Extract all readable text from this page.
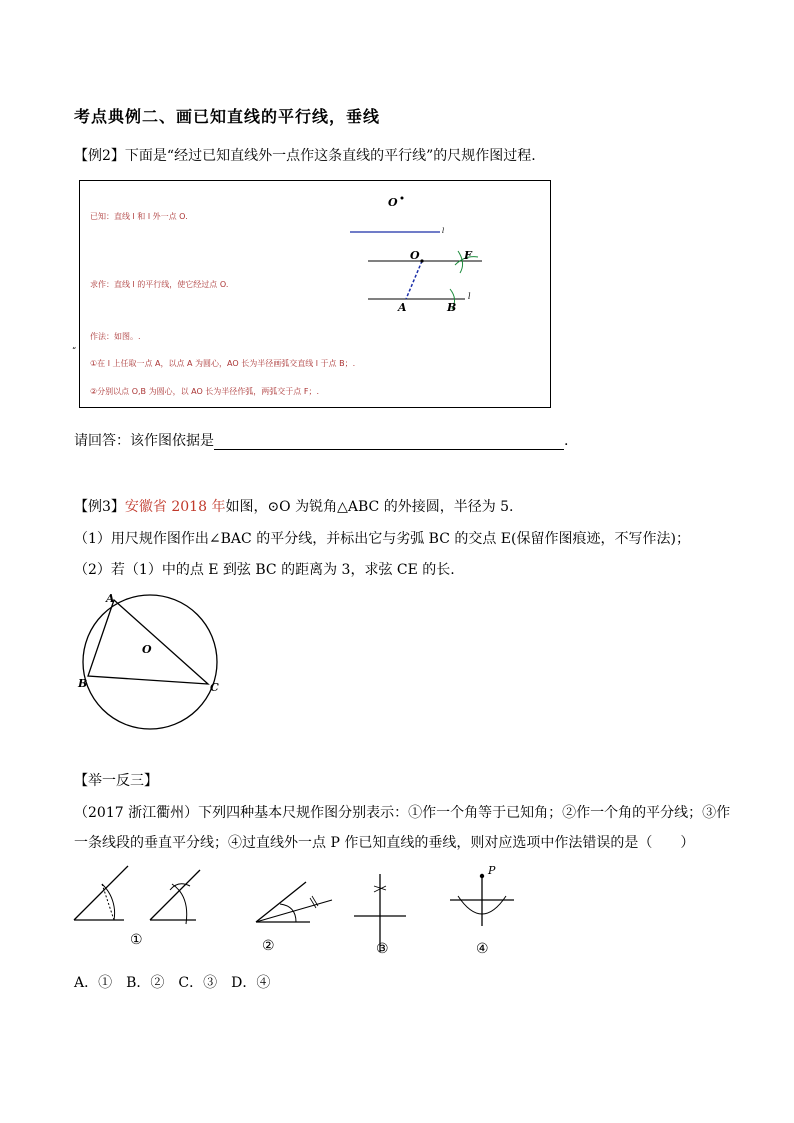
考点典例二、画已知直线的平行线，垂线
【例2】下面是“经过已知直线外一点作这条直线的平行线”的尺规作图过程.
已知：直线 l 和 l 外一点 O.
求作：直线 l 的平行线，使它经过点 O.
作法：如图。.
①在 l 上任取一点 A，以点 A 为圆心，AO 长为半径画弧交直线 l 于点 B；.
②分别以点 O,B 为圆心，以 AO 长为半径作弧，两弧交于点 F；.
“
O
l
O	F
A	B
l
请回答：该作图依据是	.
【例3】安徽省 2018 年如图，⊙O 为锐角△ABC 的外接圆，半径为 5.
（1）用尺规作图作出∠BAC 的平分线，并标出它与劣弧 BC 的交点 E(保留作图痕迹，不写作法)；
（2）若（1）中的点 E 到弦 BC 的距离为 3，求弦 CE 的长.
A
B	C
O
【举一反三】
（2017 浙江衢州）下列四种基本尺规作图分别表示：①作一个角等于已知角；②作一个角的平分线；③作
一条线段的垂直平分线；④过直线外一点 P 作已知直线的垂线，则对应选项中作法错误的是（　　）
P
①	②	③	④
A．①　B．②　C．③　D．④
